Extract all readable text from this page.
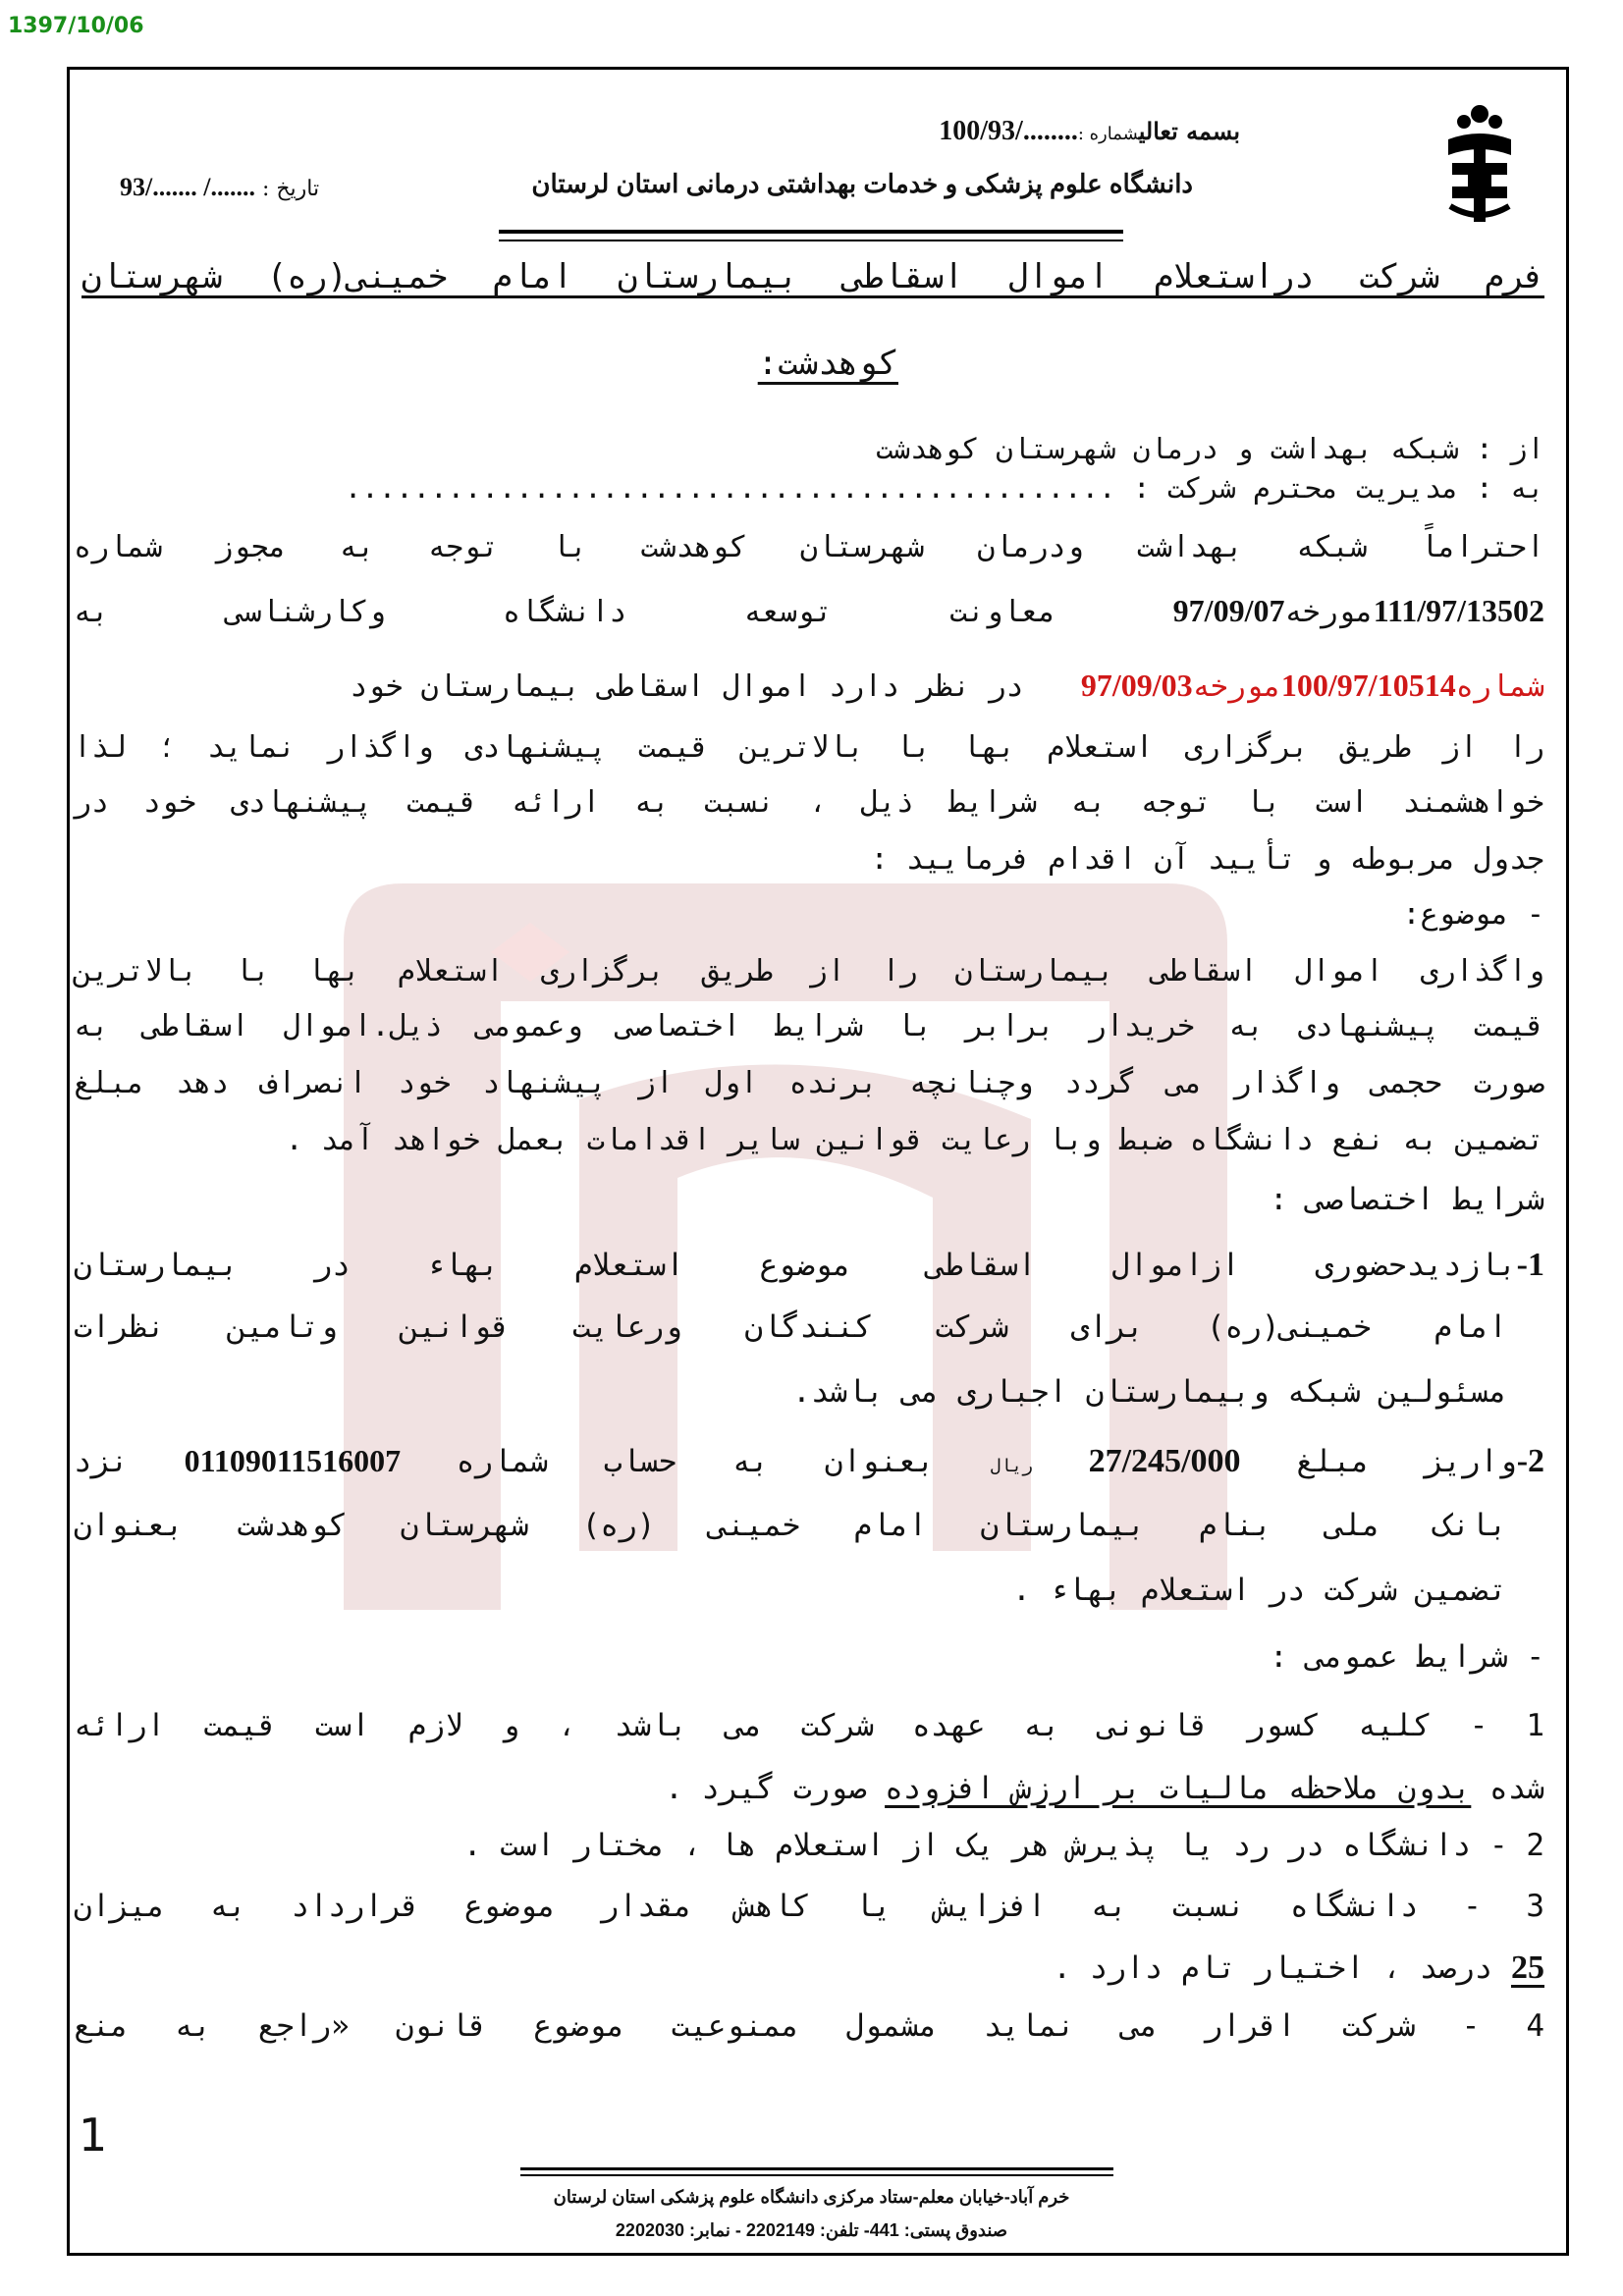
1397/10/06
بسمه تعالیشماره :......../100/93
دانشگاه علوم پزشکی و خدمات بهداشتی درمانی استان لرستان
تاریخ : ......./ ......./93
فرم شرکت دراستعلام اموال اسقاطی بیمارستان امام خمینی(ره) شهرستان
کوهدشت:
از : شبکه بهداشت و درمان شهرستان کوهدشت
به : مدیریت محترم شرکت : .............................................
احتراماً شبکه بهداشت ودرمان شهرستان کوهدشت با توجه به مجوز شماره
111/97/13502مورخه97/09/07 معاونت توسعه دانشگاه وکارشناسی به
شماره100/97/10514مورخه97/09/03 در نظر دارد اموال اسقاطی بیمارستان خود
را از طریق برگزاری استعلام بها با بالاترین قیمت پیشنهادی واگذار نماید ؛ لذا
خواهشمند است با توجه به شرایط ذیل ، نسبت به ارائه قیمت پیشنهادی خود در
جدول مربوطه و تأیید آن اقدام فرمایید :
- موضوع:
واگذاری اموال اسقاطی بیمارستان را از طریق برگزاری استعلام بها با بالاترین
قیمت پیشنهادی به خریدار برابر با شرایط اختصاصی وعمومی ذیل.اموال اسقاطی به
صورت حجمی واگذار می گردد وچنانچه برنده اول از پیشنهاد خود انصراف دهد مبلغ
تضمین به نفع دانشگاه ضبط وبا رعایت قوانین سایر اقدامات بعمل خواهد آمد .
شرایط اختصاصی :
1-بازدیدحضوری ازاموال اسقاطی موضوع استعلام بهاء در بیمارستان
امام خمینی(ره) برای شرکت کنندگان ورعایت قوانین وتامین نظرات
مسئولین شبکه وبیمارستان اجباری می باشد.
2-واریز مبلغ 27/245/000 ریال بعنوان به حساب شماره 01109011516007 نزد
بانک ملی بنام بیمارستان امام خمینی (ره) شهرستان کوهدشت بعنوان
تضمین شرکت در استعلام بهاء .
- شرایط عمومی :
1 - کلیه کسور قانونی به عهده شرکت می باشد ، و لازم است قیمت ارائه
شده بدون ملاحظه مالیات بر ارزش افزوده صورت گیرد .
2 - دانشگاه در رد یا پذیرش هر یک از استعلام ها ، مختار است .
3 - دانشگاه نسبت به افزایش یا کاهش مقدار موضوع قرارداد به میزان
25 درصد ، اختیار تام دارد .
4 - شرکت اقرار می نماید مشمول ممنوعیت موضوع قانون «راجع به منع
1
خرم آباد-خیابان معلم-ستاد مرکزی دانشگاه علوم پزشکی استان لرستان
صندوق پستی: 441- تلفن: 2202149 - نمابر: 2202030
